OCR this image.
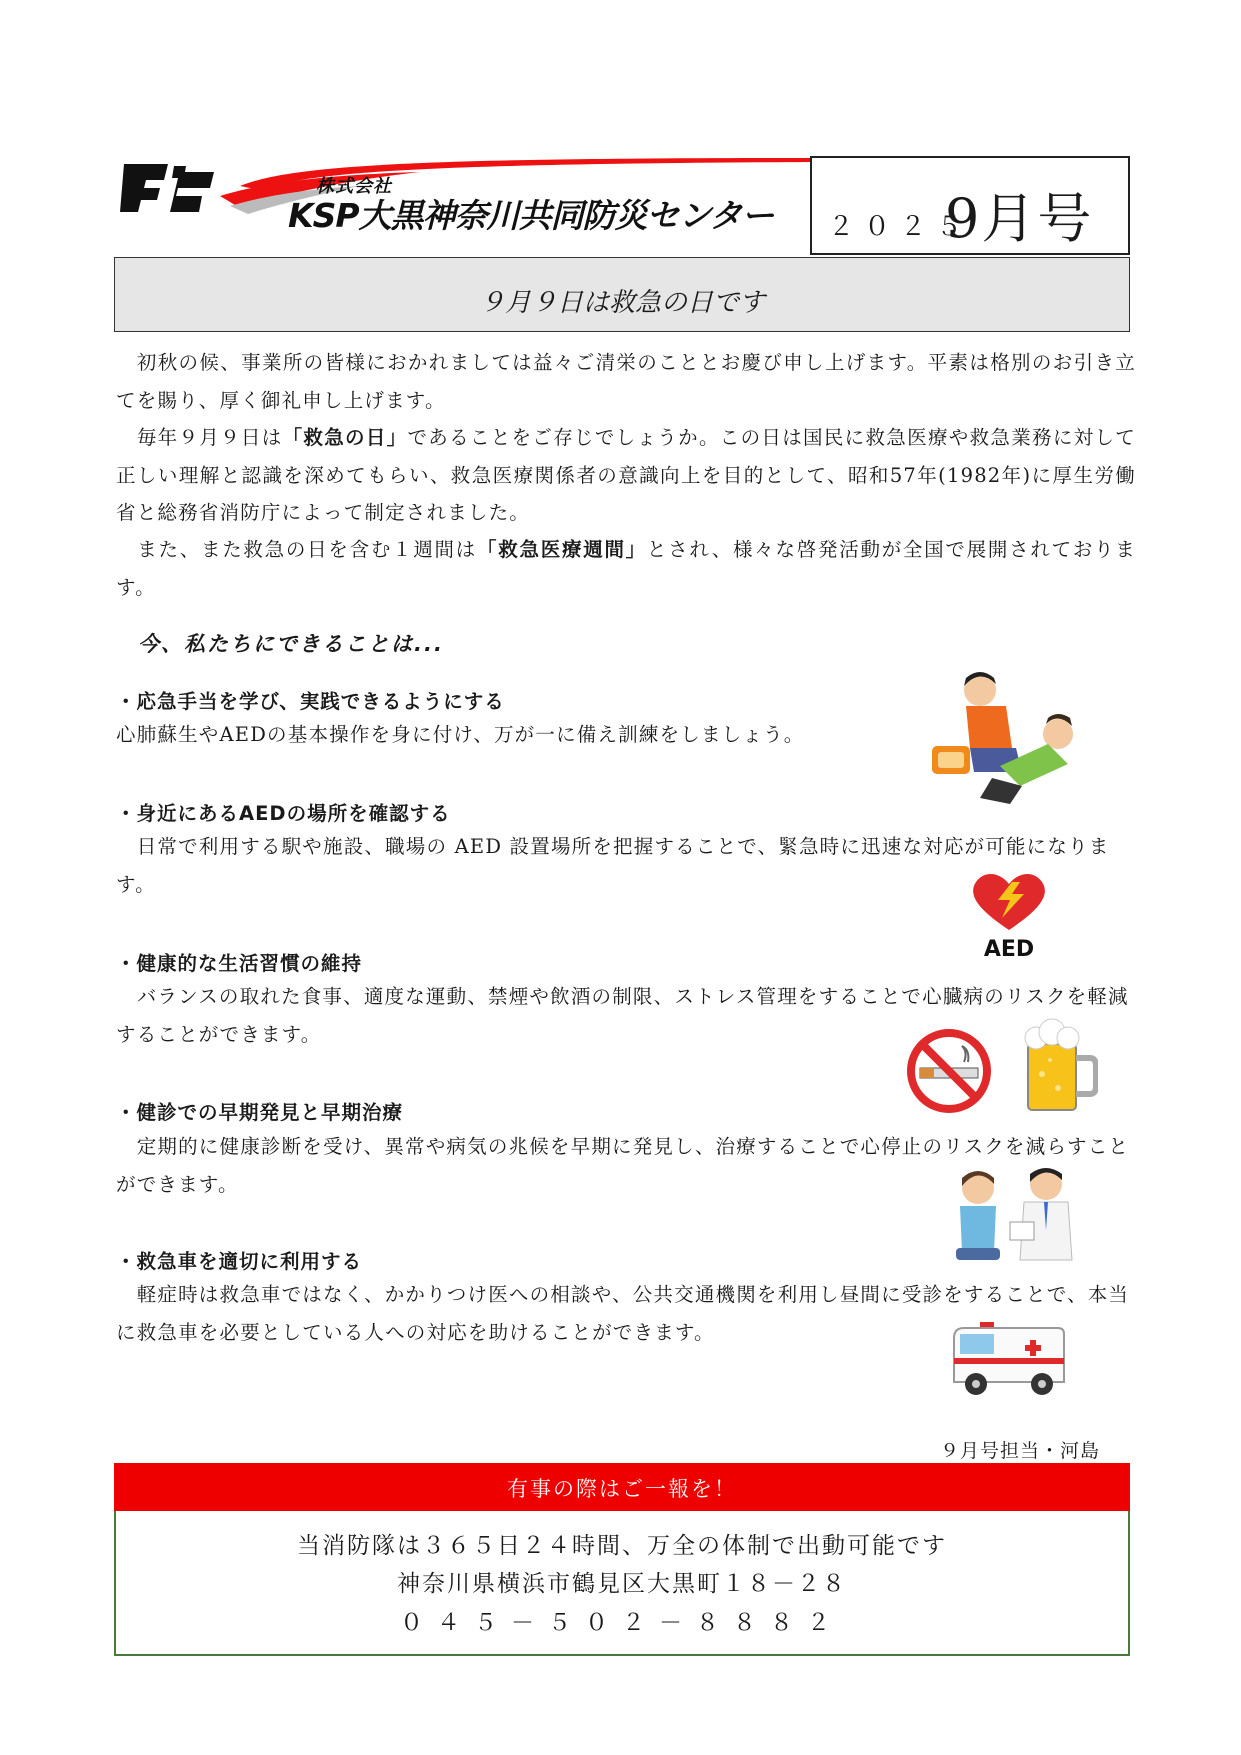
株式会社
KSP大黒神奈川共同防災センター ２０２５
9月号
９月９日は救急の日です
　初秋の候、事業所の皆様におかれましては益々ご清栄のこととお慶び申し上げます。平素は格別のお引き立てを賜り、厚く御礼申し上げます。
　毎年９月９日は「救急の日」であることをご存じでしょうか。この日は国民に救急医療や救急業務に対して正しい理解と認識を深めてもらい、救急医療関係者の意識向上を目的として、昭和57年(1982年)に厚生労働省と総務省消防庁によって制定されました。
　また、また救急の日を含む１週間は「救急医療週間」とされ、様々な啓発活動が全国で展開されております。
今、私たちにできることは...
・応急手当を学び、実践できるようにする
心肺蘇生やAEDの基本操作を身に付け、万が一に備え訓練をしましょう。
・身近にあるAEDの場所を確認する
　日常で利用する駅や施設、職場の AED 設置場所を把握することで、緊急時に迅速な対応が可能になります。
・健康的な生活習慣の維持
　バランスの取れた食事、適度な運動、禁煙や飲酒の制限、ストレス管理をすることで心臓病のリスクを軽減することができます。
・健診での早期発見と早期治療
　定期的に健康診断を受け、異常や病気の兆候を早期に発見し、治療することで心停止のリスクを減らすことができます。
・救急車を適切に利用する
　軽症時は救急車ではなく、かかりつけ医への相談や、公共交通機関を利用し昼間に受診をすることで、本当に救急車を必要としている人への対応を助けることができます。
９月号担当・河島
有事の際はご一報を！
当消防隊は３６５日２４時間、万全の体制で出動可能です
神奈川県横浜市鶴見区大黒町１８－２８
０４５－５０２－８８８２
AED
